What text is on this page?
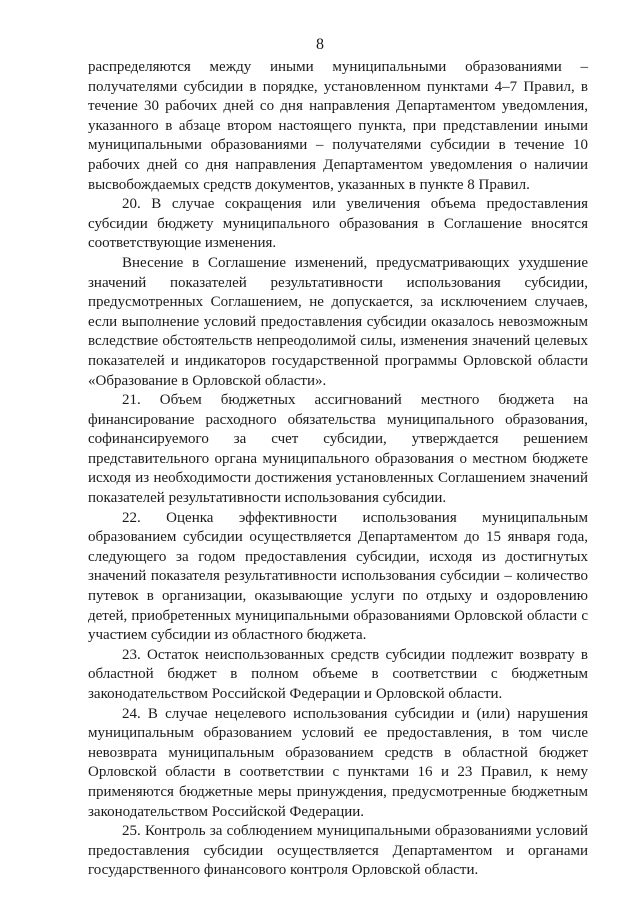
8

распределяются между иными муниципальными образованиями – получателями субсидии в порядке, установленном пунктами 4–7 Правил, в течение 30 рабочих дней со дня направления Департаментом уведомления, указанного в абзаце втором настоящего пункта, при представлении иными муниципальными образованиями – получателями субсидии в течение 10 рабочих дней со дня направления Департаментом уведомления о наличии высвобождаемых средств документов, указанных в пункте 8 Правил.

20. В случае сокращения или увеличения объема предоставления субсидии бюджету муниципального образования в Соглашение вносятся соответствующие изменения.

Внесение в Соглашение изменений, предусматривающих ухудшение значений показателей результативности использования субсидии, предусмотренных Соглашением, не допускается, за исключением случаев, если выполнение условий предоставления субсидии оказалось невозможным вследствие обстоятельств непреодолимой силы, изменения значений целевых показателей и индикаторов государственной программы Орловской области «Образование в Орловской области».

21. Объем бюджетных ассигнований местного бюджета на финансирование расходного обязательства муниципального образования, софинансируемого за счет субсидии, утверждается решением представительного органа муниципального образования о местном бюджете исходя из необходимости достижения установленных Соглашением значений показателей результативности использования субсидии.

22. Оценка эффективности использования муниципальным образованием субсидии осуществляется Департаментом до 15 января года, следующего за годом предоставления субсидии, исходя из достигнутых значений показателя результативности использования субсидии – количество путевок в организации, оказывающие услуги по отдыху и оздоровлению детей, приобретенных муниципальными образованиями Орловской области с участием субсидии из областного бюджета.

23. Остаток неиспользованных средств субсидии подлежит возврату в областной бюджет в полном объеме в соответствии с бюджетным законодательством Российской Федерации и Орловской области.

24. В случае нецелевого использования субсидии и (или) нарушения муниципальным образованием условий ее предоставления, в том числе невозврата муниципальным образованием средств в областной бюджет Орловской области в соответствии с пунктами 16 и 23 Правил, к нему применяются бюджетные меры принуждения, предусмотренные бюджетным законодательством Российской Федерации.

25. Контроль за соблюдением муниципальными образованиями условий предоставления субсидии осуществляется Департаментом и органами государственного финансового контроля Орловской области.
